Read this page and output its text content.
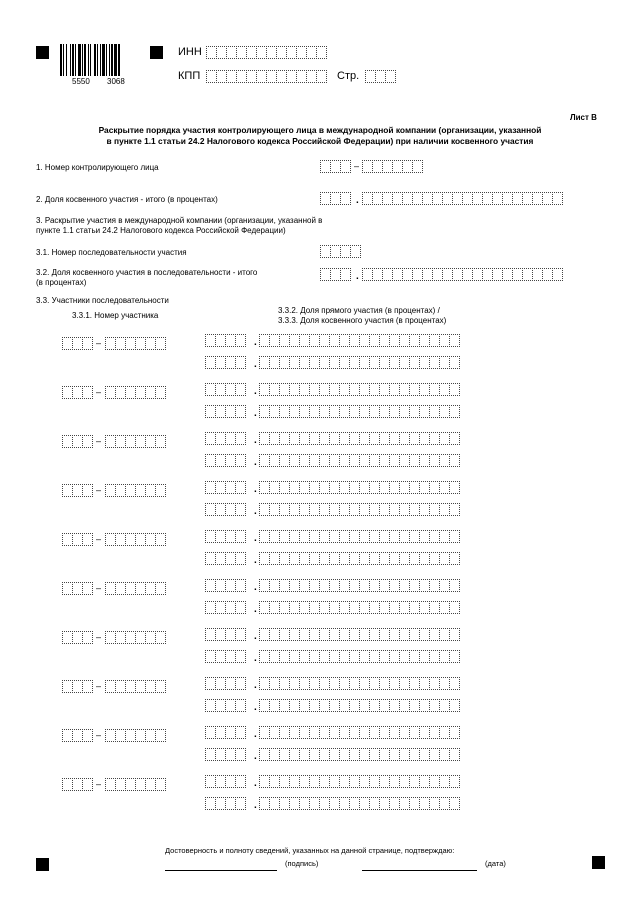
5550 3068
ИНН
КПП	Стр.
Лист В
Раскрытие порядка участия контролирующего лица в международной компании (организации, указанной
в пункте 1.1 статьи 24.2 Налогового кодекса Российской Федерации) при наличии косвенного участия
1. Номер контролирующего лица	–
2. Доля косвенного участия - итого (в процентах)	.
3. Раскрытие участия в международной компании (организации, указанной в
пункте 1.1 статьи 24.2 Налогового кодекса Российской Федерации)
3.1. Номер последовательности участия
3.2. Доля косвенного участия в последовательности - итого
(в процентах)
.
3.3. Участники последовательности
3.3.1. Номер участника
3.3.2. Доля прямого участия (в процентах) /
3.3.3. Доля косвенного участия (в процентах)
–	.
.
–	.
.
–	.
.
–	.
.
–	.
.
–	.
.
–	.
.
–	.
.
–	.
.
–	.
.
Достоверность и полноту сведений, указанных на данной странице, подтверждаю:
(подпись)	(дата)
